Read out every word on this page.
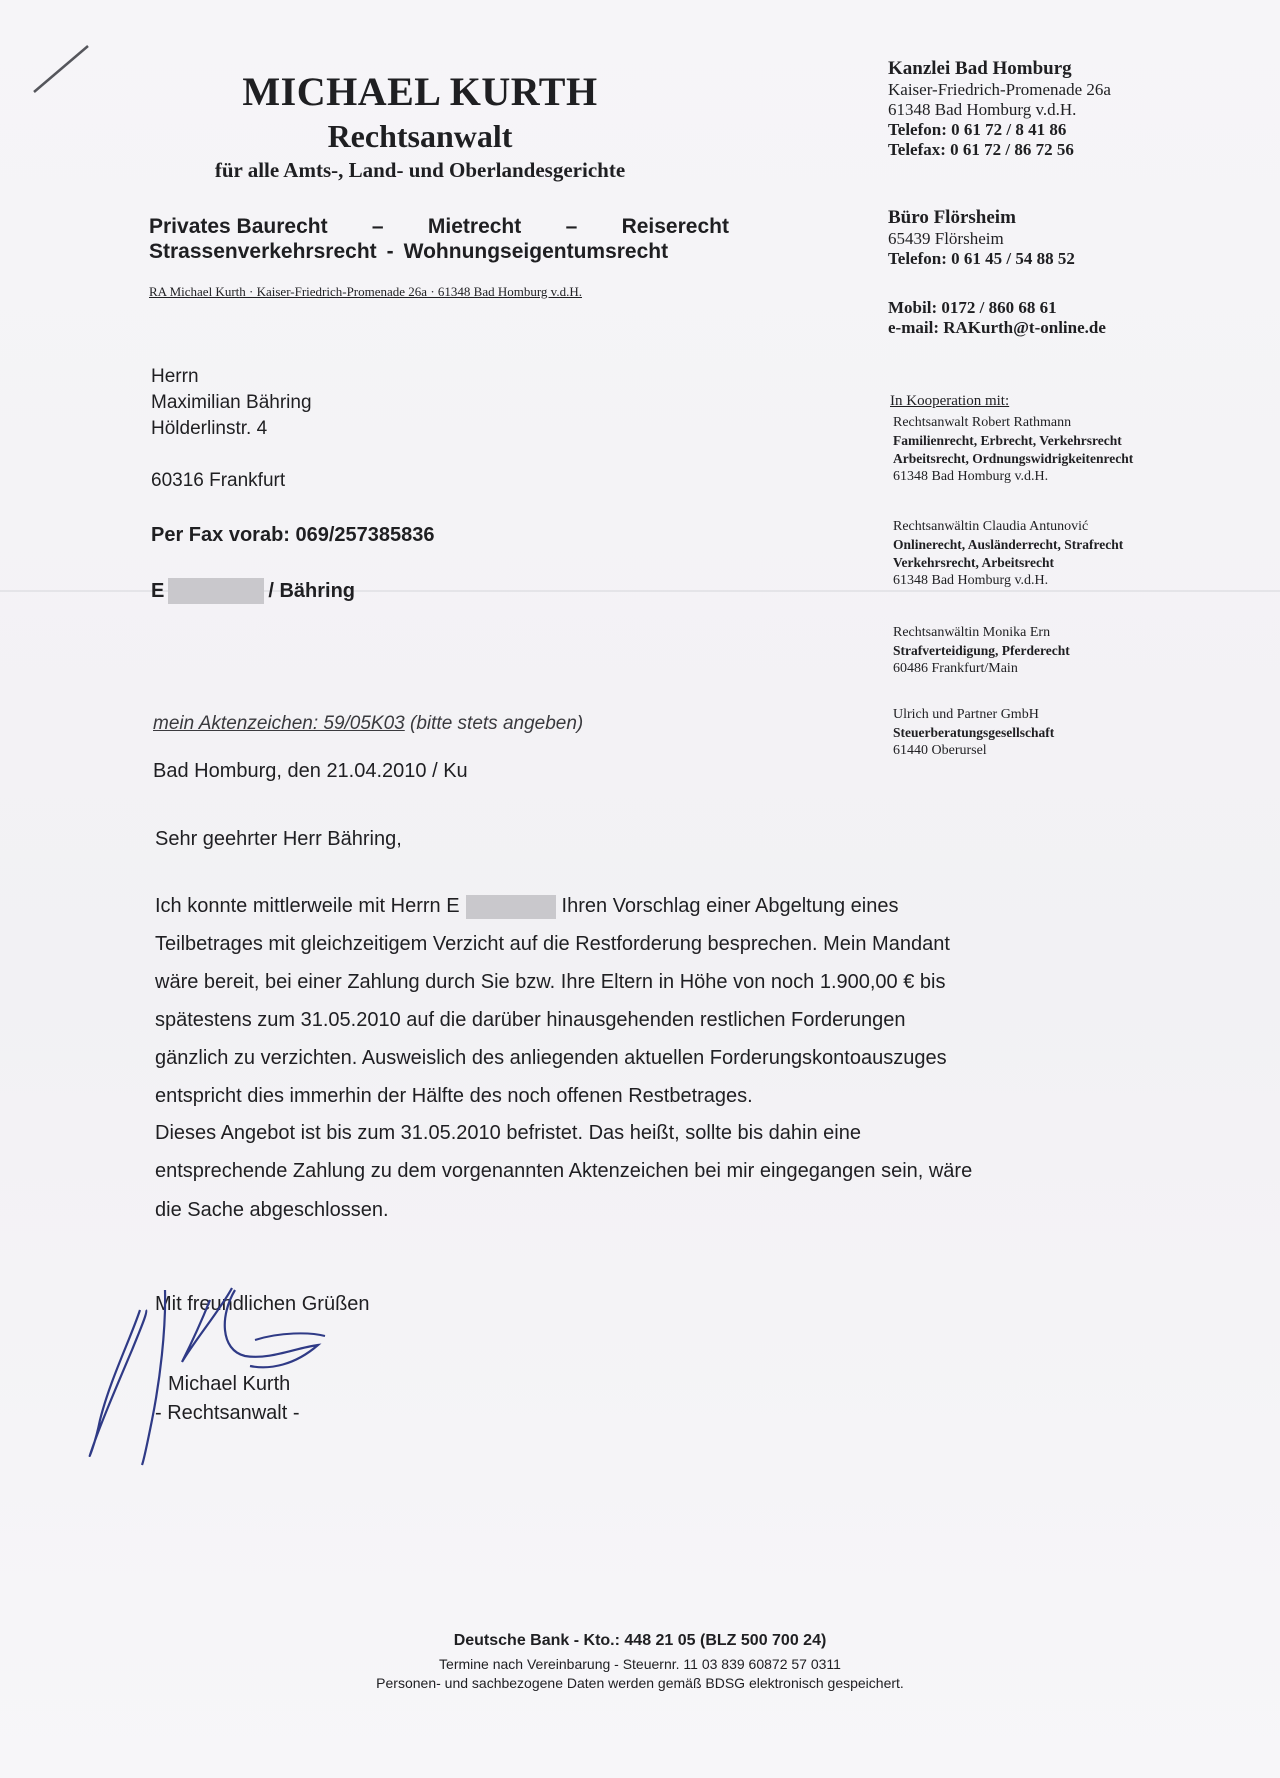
MICHAEL KURTH
Rechtsanwalt
für alle Amts-, Land- und Oberlandesgerichte
Privates Baurecht – Mietrecht – Reiserecht
Strassenverkehrsrecht - Wohnungseigentumsrecht
RA Michael Kurth · Kaiser-Friedrich-Promenade 26a · 61348 Bad Homburg v.d.H.
Kanzlei Bad Homburg
Kaiser-Friedrich-Promenade 26a
61348 Bad Homburg v.d.H.
Telefon: 0 61 72 / 8 41 86
Telefax: 0 61 72 / 86 72 56
Büro Flörsheim
65439 Flörsheim
Telefon: 0 61 45 / 54 88 52
Mobil: 0172 / 860 68 61
e-mail: RAKurth@t-online.de
In Kooperation mit:
Rechtsanwalt Robert Rathmann
Familienrecht, Erbrecht, Verkehrsrecht
Arbeitsrecht, Ordnungswidrigkeitenrecht
61348 Bad Homburg v.d.H.
Rechtsanwältin Claudia Antunović
Onlinerecht, Ausländerrecht, Strafrecht
Verkehrsrecht, Arbeitsrecht
61348 Bad Homburg v.d.H.
Rechtsanwältin Monika Ern
Strafverteidigung, Pferderecht
60486 Frankfurt/Main
Ulrich und Partner GmbH
Steuerberatungsgesellschaft
61440 Oberursel
Herrn
Maximilian Bähring
Hölderlinstr. 4
60316 Frankfurt
Per Fax vorab: 069/257385836
E	/ Bähring
mein Aktenzeichen: 59/05K03 (bitte stets angeben)
Bad Homburg, den 21.04.2010 / Ku
Sehr geehrter Herr Bähring,
Ich konnte mittlerweile mit Herrn E	Ihren Vorschlag einer Abgeltung eines
Teilbetrages mit gleichzeitigem Verzicht auf die Restforderung besprechen. Mein Mandant
wäre bereit, bei einer Zahlung durch Sie bzw. Ihre Eltern in Höhe von noch 1.900,00 € bis
spätestens zum 31.05.2010 auf die darüber hinausgehenden restlichen Forderungen
gänzlich zu verzichten. Ausweislich des anliegenden aktuellen Forderungskontoauszuges
entspricht dies immerhin der Hälfte des noch offenen Restbetrages.
Dieses Angebot ist bis zum 31.05.2010 befristet. Das heißt, sollte bis dahin eine
entsprechende Zahlung zu dem vorgenannten Aktenzeichen bei mir eingegangen sein, wäre
die Sache abgeschlossen.
Mit freundlichen Grüßen
Michael Kurth
- Rechtsanwalt -
Deutsche Bank - Kto.: 448 21 05 (BLZ 500 700 24)
Termine nach Vereinbarung - Steuernr. 11 03 839 60872 57 0311
Personen- und sachbezogene Daten werden gemäß BDSG elektronisch gespeichert.
